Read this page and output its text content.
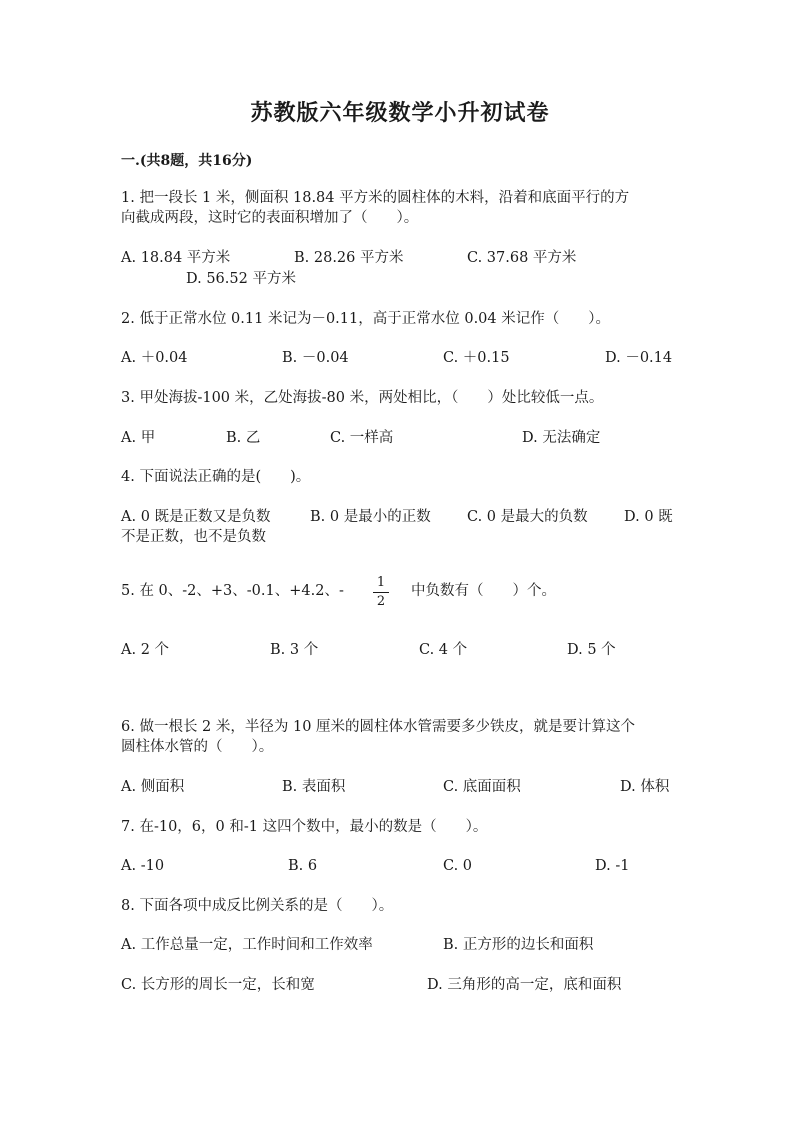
苏教版六年级数学小升初试卷
一.(共8题，共16分)
1. 把一段长 1 米，侧面积 18.84 平方米的圆柱体的木料，沿着和底面平行的方
向截成两段，这时它的表面积增加了（　　）。
A. 18.84 平方米	B. 28.26 平方米	C. 37.68 平方米
D. 56.52 平方米
2. 低于正常水位 0.11 米记为－0.11，高于正常水位 0.04 米记作（　　）。
A. ＋0.04	B. －0.04	C. ＋0.15	D. －0.14
3. 甲处海拔-100 米，乙处海拔-80 米，两处相比，（　　）处比较低一点。
A. 甲	B. 乙	C. 一样高	D. 无法确定
4. 下面说法正确的是(　　)。
A. 0 既是正数又是负数	B. 0 是最小的正数	C. 0 是最大的负数	D. 0 既
不是正数，也不是负数
5. 在 0、-2、+3、-0.1、+4.2、-
1
2
中负数有（　　）个。
A. 2 个	B. 3 个	C. 4 个	D. 5 个
6. 做一根长 2 米，半径为 10 厘米的圆柱体水管需要多少铁皮，就是要计算这个
圆柱体水管的（　　）。
A. 侧面积	B. 表面积	C. 底面面积	D. 体积
7. 在-10，6，0 和-1 这四个数中，最小的数是（　　）。
A. -10	B. 6	C. 0	D. -1
8. 下面各项中成反比例关系的是（　　）。
A. 工作总量一定，工作时间和工作效率	B. 正方形的边长和面积
C. 长方形的周长一定，长和宽	D. 三角形的高一定，底和面积
